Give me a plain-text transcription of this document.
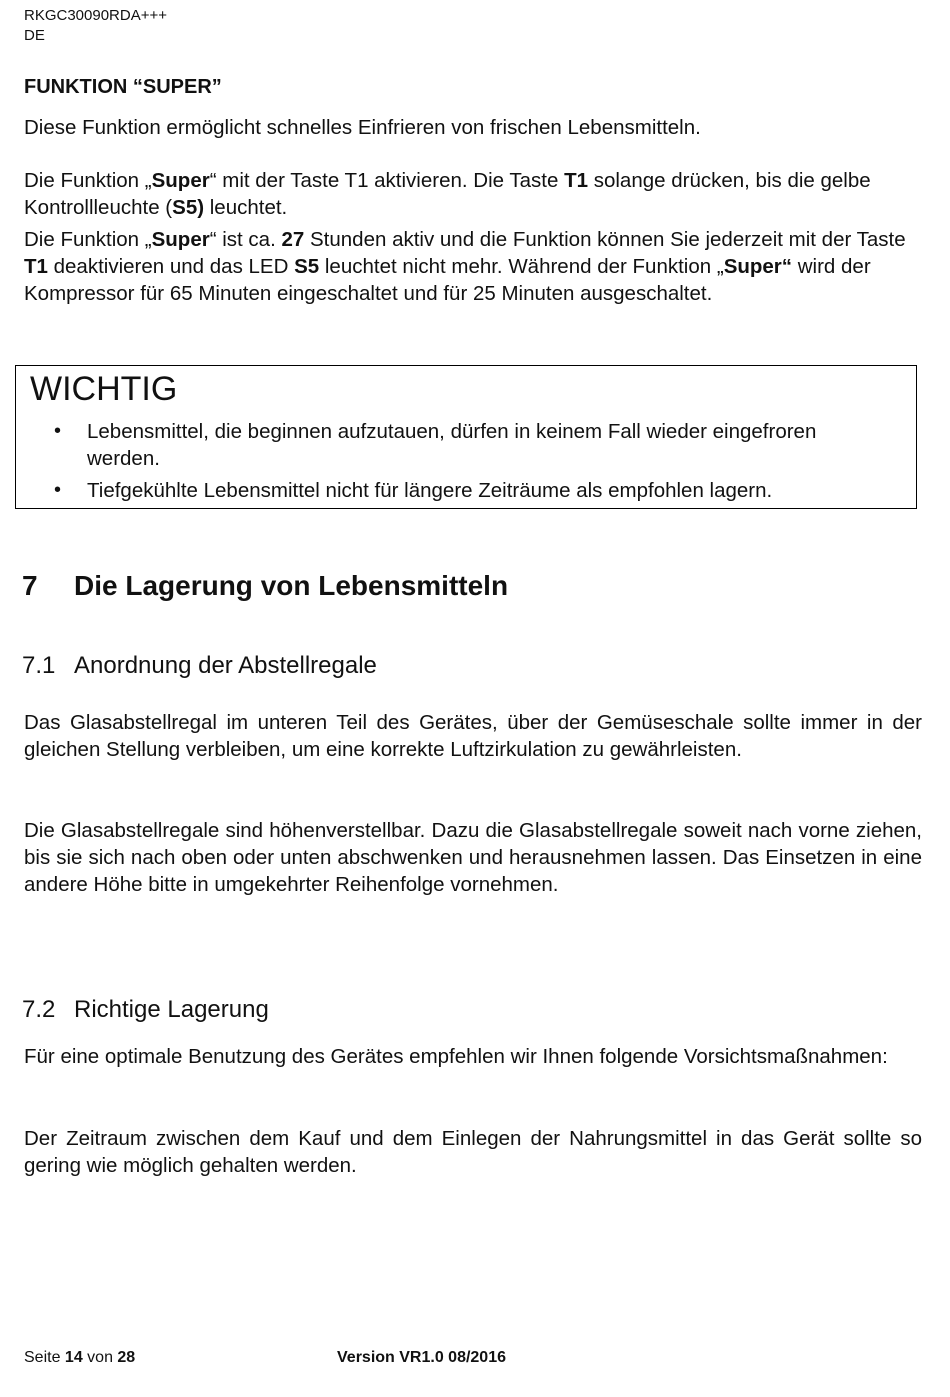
RKGC30090RDA+++
DE
FUNKTION “SUPER”
Diese Funktion ermöglicht schnelles Einfrieren von frischen Lebensmitteln.
Die Funktion „Super“ mit der Taste T1 aktivieren. Die Taste T1 solange drücken, bis die gelbe Kontrollleuchte (S5) leuchtet.
Die Funktion „Super“ ist ca. 27 Stunden aktiv und die Funktion können Sie jederzeit mit der Taste T1 deaktivieren und das LED S5 leuchtet nicht mehr. Während der Funktion „Super“ wird der Kompressor für 65 Minuten eingeschaltet und für 25 Minuten ausgeschaltet.
WICHTIG
• Lebensmittel, die beginnen aufzutauen, dürfen in keinem Fall wieder eingefroren werden.
• Tiefgekühlte Lebensmittel nicht für längere Zeiträume als empfohlen lagern.
7 Die Lagerung von Lebensmitteln
7.1 Anordnung der Abstellregale
Das Glasabstellregal im unteren Teil des Gerätes, über der Gemüseschale sollte immer in der gleichen Stellung verbleiben, um eine korrekte Luftzirkulation zu gewährleisten.
Die Glasabstellregale sind höhenverstellbar. Dazu die Glasabstellregale soweit nach vorne ziehen, bis sie sich nach oben oder unten abschwenken und herausnehmen lassen. Das Einsetzen in eine andere Höhe bitte in umgekehrter Reihenfolge vornehmen.
7.2 Richtige Lagerung
Für eine optimale Benutzung des Gerätes empfehlen wir Ihnen folgende Vorsichtsmaßnahmen:
Der Zeitraum zwischen dem Kauf und dem Einlegen der Nahrungsmittel in das Gerät sollte so gering wie möglich gehalten werden.
Seite 14 von 28	Version VR1.0 08/2016
